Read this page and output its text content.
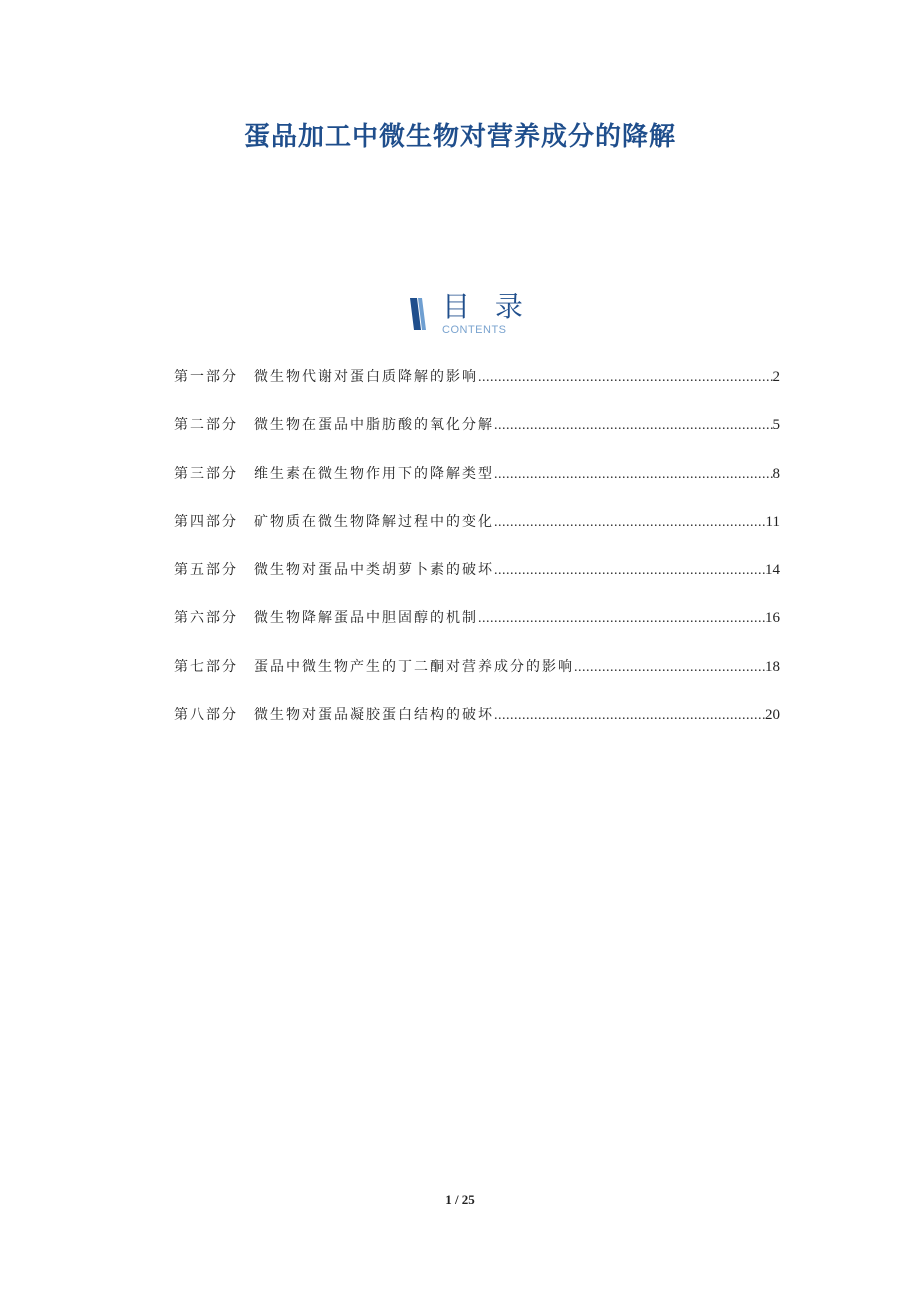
蛋品加工中微生物对营养成分的降解
目 录
CONTENTS
第一部分	微生物代谢对蛋白质降解的影响 .....	2
第二部分	微生物在蛋品中脂肪酸的氧化分解 .....	5
第三部分	维生素在微生物作用下的降解类型 .....	8
第四部分	矿物质在微生物降解过程中的变化 .....	11
第五部分	微生物对蛋品中类胡萝卜素的破坏 .....	14
第六部分	微生物降解蛋品中胆固醇的机制 .....	16
第七部分	蛋品中微生物产生的丁二酮对营养成分的影响 .....	18
第八部分	微生物对蛋品凝胶蛋白结构的破坏 .....	20
1 / 25
